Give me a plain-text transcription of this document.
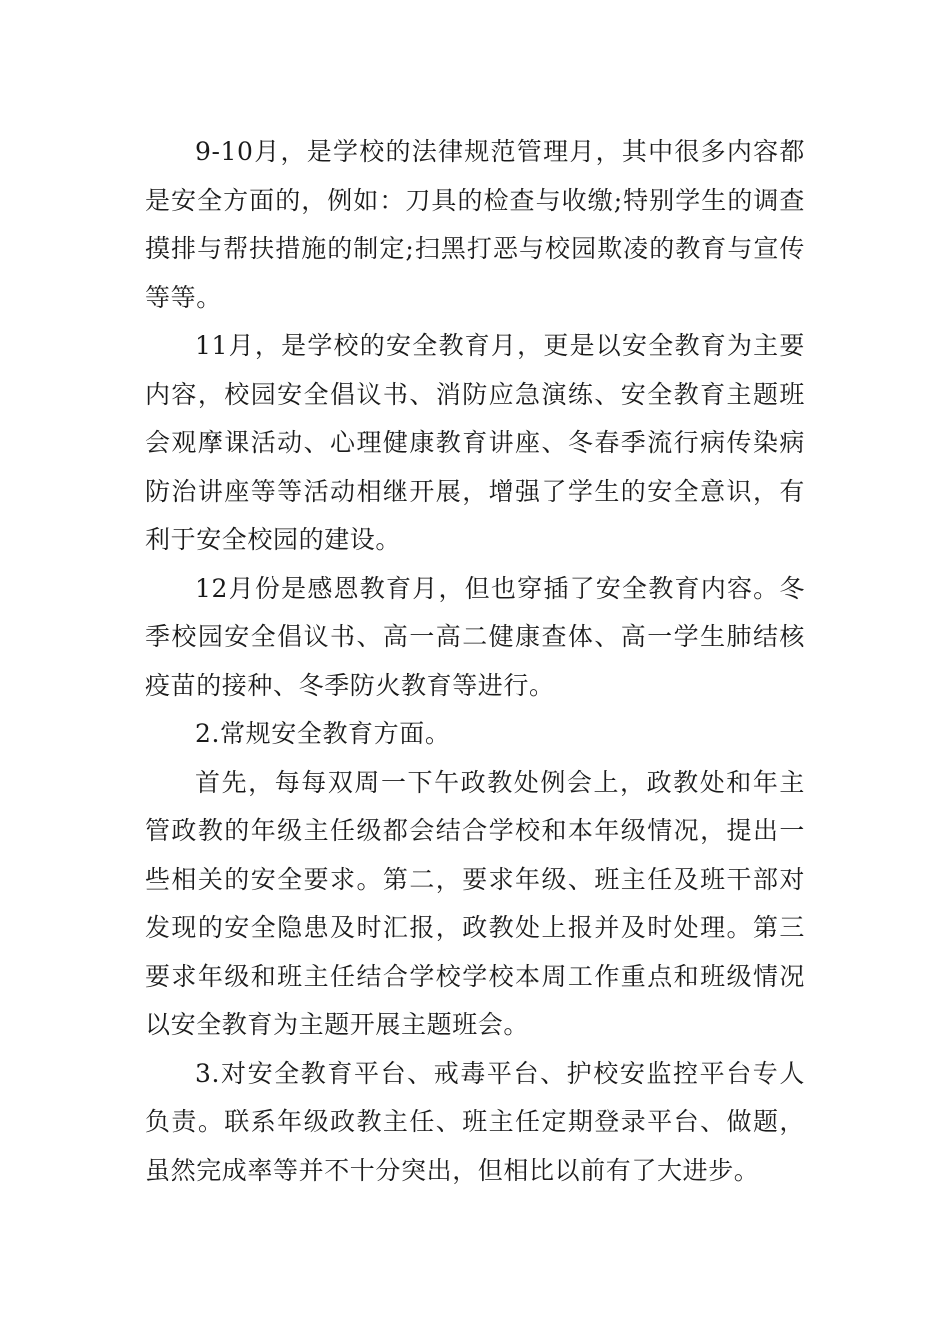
9-10月，是学校的法律规范管理月，其中很多内容都是安全方面的，例如：刀具的检查与收缴;特别学生的调查摸排与帮扶措施的制定;扫黑打恶与校园欺凌的教育与宣传等等。

11月，是学校的安全教育月，更是以安全教育为主要内容，校园安全倡议书、消防应急演练、安全教育主题班会观摩课活动、心理健康教育讲座、冬春季流行病传染病防治讲座等等活动相继开展，增强了学生的安全意识，有利于安全校园的建设。

12月份是感恩教育月，但也穿插了安全教育内容。冬季校园安全倡议书、高一高二健康查体、高一学生肺结核疫苗的接种、冬季防火教育等进行。

2.常规安全教育方面。

首先，每每双周一下午政教处例会上，政教处和年主管政教的年级主任级都会结合学校和本年级情况，提出一些相关的安全要求。第二，要求年级、班主任及班干部对发现的安全隐患及时汇报，政教处上报并及时处理。第三要求年级和班主任结合学校学校本周工作重点和班级情况以安全教育为主题开展主题班会。

3.对安全教育平台、戒毒平台、护校安监控平台专人负责。联系年级政教主任、班主任定期登录平台、做题，虽然完成率等并不十分突出，但相比以前有了大进步。
